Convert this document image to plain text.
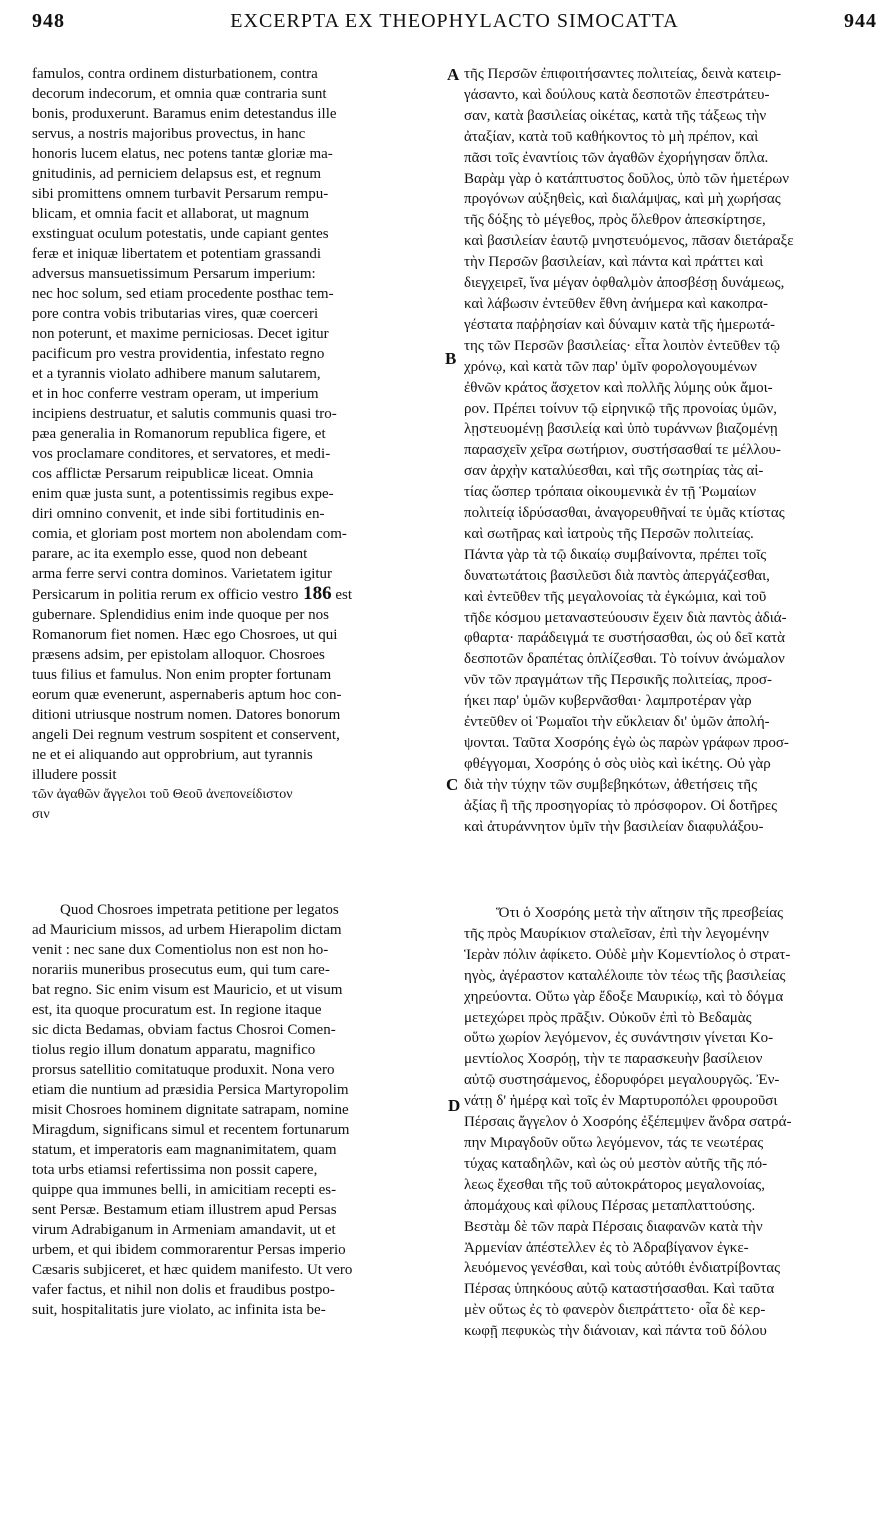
948	EXCERPTA EX THEOPHYLACTO SIMOCATTA	944
A
B
C
D
famulos, contra ordinem disturbationem, contra
decorum indecorum, et omnia quæ contraria sunt
bonis, produxerunt. Baramus enim detestandus ille
servus, a nostris majoribus provectus, in hanc
honoris lucem elatus, nec potens tantæ gloriæ ma-
gnitudinis, ad perniciem delapsus est, et regnum
sibi promittens omnem turbavit Persarum rempu-
blicam, et omnia facit et allaborat, ut magnum
exstinguat oculum potestatis, unde capiant gentes
feræ et iniquæ libertatem et potentiam grassandi
adversus mansuetissimum Persarum imperium:
nec hoc solum, sed etiam procedente posthac tem-
pore contra vobis tributarias vires, quæ coerceri
non poterunt, et maxime perniciosas. Decet igitur
pacificum pro vestra providentia, infestato regno
et a tyrannis violato adhibere manum salutarem,
et in hoc conferre vestram operam, ut imperium
incipiens destruatur, et salutis communis quasi tro-
pæa generalia in Romanorum republica figere, et
vos proclamare conditores, et servatores, et medi-
cos afflictæ Persarum reipublicæ liceat. Omnia
enim quæ justa sunt, a potentissimis regibus expe-
diri omnino convenit, et inde sibi fortitudinis en-
comia, et gloriam post mortem non abolendam com-
parare, ac ita exemplo esse, quod non debeant
arma ferre servi contra dominos. Varietatem igitur
Persicarum in politia rerum ex officio vestro 186 est
gubernare. Splendidius enim inde quoque per nos
Romanorum fiet nomen. Hæc ego Chosroes, ut qui
præsens adsim, per epistolam alloquor. Chosroes
tuus filius et famulus. Non enim propter fortunam
eorum quæ evenerunt, aspernaberis aptum hoc con-
ditioni utriusque nostrum nomen. Datores bonorum
angeli Dei regnum vestrum sospitent et conservent,
ne et ei aliquando aut opprobrium, aut tyrannis
illudere possit
τῶν ἀγαθῶν ἄγγελοι τοῦ Θεοῦ ἀνεπονείδιστον
σιν
Quod Chosroes impetrata petitione per legatos
ad Mauricium missos, ad urbem Hierapolim dictam
venit : nec sane dux Comentiolus non est non ho-
norariis muneribus prosecutus eum, qui tum care-
bat regno. Sic enim visum est Mauricio, et ut visum
est, ita quoque procuratum est. In regione itaque
sic dicta Bedamas, obviam factus Chosroi Comen-
tiolus regio illum donatum apparatu, magnifico
prorsus satellitio comitatuque produxit. Nona vero
etiam die nuntium ad præsidia Persica Martyropolim
misit Chosroes hominem dignitate satrapam, nomine
Miragdum, significans simul et recentem fortunarum
statum, et imperatoris eam magnanimitatem, quam
tota urbs etiamsi refertissima non possit capere,
quippe qua immunes belli, in amicitiam recepti es-
sent Persæ. Bestamum etiam illustrem apud Persas
virum Adrabiganum in Armeniam amandavit, ut et
urbem, et qui ibidem commorarentur Persas imperio
Cæsaris subjiceret, et hæc quidem manifesto. Ut vero
vafer factus, et nihil non dolis et fraudibus postpo-
suit, hospitalitatis jure violato, ac infinita ista be-
τῆς Περσῶν ἐπιφοιτήσαντες πολιτείας, δεινὰ κατειρ-
γάσαντο, καὶ δούλους κατὰ δεσποτῶν ἐπεστράτευ-
σαν, κατὰ βασιλείας οἰκέτας, κατὰ τῆς τάξεως τὴν
ἀταξίαν, κατὰ τοῦ καθήκοντος τὸ μὴ πρέπον, καὶ
πᾶσι τοῖς ἐναντίοις τῶν ἀγαθῶν ἐχορήγησαν ὅπλα.
Βαρὰμ γὰρ ὁ κατάπτυστος δοῦλος, ὑπὸ τῶν ἡμετέρων
προγόνων αὐξηθεὶς, καὶ διαλάμψας, καὶ μὴ χωρήσας
τῆς δόξης τὸ μέγεθος, πρὸς ὄλεθρον ἀπεσκίρτησε,
καὶ βασιλείαν ἑαυτῷ μνηστευόμενος, πᾶσαν διετάραξε
τὴν Περσῶν βασιλείαν, καὶ πάντα καὶ πράττει καὶ
διεγχειρεῖ, ἵνα μέγαν ὀφθαλμὸν ἀποσβέσῃ δυνάμεως,
καὶ λάβωσιν ἐντεῦθεν ἔθνη ἀνήμερα καὶ κακοπρα-
γέστατα παῤῥησίαν καὶ δύναμιν κατὰ τῆς ἡμερωτά-
της τῶν Περσῶν βασιλείας· εἶτα λοιπὸν ἐντεῦθεν τῷ
χρόνῳ, καὶ κατὰ τῶν παρ' ὑμῖν φορολογουμένων
ἐθνῶν κράτος ἄσχετον καὶ πολλῆς λύμης οὐκ ἄμοι-
ρον. Πρέπει τοίνυν τῷ εἰρηνικῷ τῆς προνοίας ὑμῶν,
λῃστευομένῃ βασιλείᾳ καὶ ὑπὸ τυράννων βιαζομένῃ
παρασχεῖν χεῖρα σωτήριον, συστήσασθαί τε μέλλου-
σαν ἀρχὴν καταλύεσθαι, καὶ τῆς σωτηρίας τὰς αἰ-
τίας ὥσπερ τρόπαια οἰκουμενικὰ ἐν τῇ Ῥωμαίων
πολιτείᾳ ἱδρύσασθαι, ἀναγορευθῆναί τε ὑμᾶς κτίστας
καὶ σωτῆρας καὶ ἰατροὺς τῆς Περσῶν πολιτείας.
Πάντα γὰρ τὰ τῷ δικαίῳ συμβαίνοντα, πρέπει τοῖς
δυνατωτάτοις βασιλεῦσι διὰ παντὸς ἀπεργάζεσθαι,
καὶ ἐντεῦθεν τῆς μεγαλονοίας τὰ ἐγκώμια, καὶ τοῦ
τῆδε κόσμου μεταναστεύουσιν ἔχειν διὰ παντὸς ἀδιά-
φθαρτα· παράδειγμά τε συστήσασθαι, ὡς οὐ δεῖ κατὰ
δεσποτῶν δραπέτας ὁπλίζεσθαι. Τὸ τοίνυν ἀνώμαλον
νῦν τῶν πραγμάτων τῆς Περσικῆς πολιτείας, προσ-
ήκει παρ' ὑμῶν κυβερνᾶσθαι· λαμπροτέραν γὰρ
ἐντεῦθεν οἱ Ῥωμαῖοι τὴν εὔκλειαν δι' ὑμῶν ἀπολή-
ψονται. Ταῦτα Χοσρόης ἐγὼ ὡς παρὼν γράφων προσ-
φθέγγομαι, Χοσρόης ὁ σὸς υἱὸς καὶ ἱκέτης. Οὐ γὰρ
διὰ τὴν τύχην τῶν συμβεβηκότων, ἀθετήσεις τῆς
ἀξίας ἢ τῆς προσηγορίας τὸ πρόσφορον. Οἱ δοτῆρες
καὶ ἀτυράννητον ὑμῖν τὴν βασιλείαν διαφυλάξου-
Ὅτι ὁ Χοσρόης μετὰ τὴν αἴτησιν τῆς πρεσβείας
τῆς πρὸς Μαυρίκιον σταλεῖσαν, ἐπὶ τὴν λεγομένην
Ἱερὰν πόλιν ἀφίκετο. Οὐδὲ μὴν Κομεντίολος ὁ στρατ-
ηγὸς, ἀγέραστον καταλέλοιπε τὸν τέως τῆς βασιλείας
χηρεύοντα. Οὕτω γὰρ ἔδοξε Μαυρικίῳ, καὶ τὸ δόγμα
μετεχώρει πρὸς πρᾶξιν. Οὐκοῦν ἐπὶ τὸ Βεδαμὰς
οὕτω χωρίον λεγόμενον, ἐς συνάντησιν γίνεται Κο-
μεντίολος Χοσρόῃ, τὴν τε παρασκευὴν βασίλειον
αὐτῷ συστησάμενος, ἐδορυφόρει μεγαλουργῶς. Ἐν-
νάτῃ δ' ἡμέρᾳ καὶ τοῖς ἐν Μαρτυροπόλει φρουροῦσι
Πέρσαις ἄγγελον ὁ Χοσρόης ἐξέπεμψεν ἄνδρα σατρά-
πην Μιραγδοῦν οὕτω λεγόμενον, τάς τε νεωτέρας
τύχας καταδηλῶν, καὶ ὡς οὐ μεστὸν αὐτῆς τῆς πό-
λεως ἔχεσθαι τῆς τοῦ αὐτοκράτορος μεγαλονοίας,
ἀπομάχους καὶ φίλους Πέρσας μεταπλαττούσης.
Βεστὰμ δὲ τῶν παρὰ Πέρσαις διαφανῶν κατὰ τὴν
Ἀρμενίαν ἀπέστελλεν ἐς τὸ Ἀδραβίγανον ἐγκε-
λευόμενος γενέσθαι, καὶ τοὺς αὐτόθι ἐνδιατρίβοντας
Πέρσας ὑπηκόους αὐτῷ καταστήσασθαι. Καὶ ταῦτα
μὲν οὕτως ἐς τὸ φανερὸν διεπράττετο· οἷα δὲ κερ-
κωφῇ πεφυκὼς τὴν διάνοιαν, καὶ πάντα τοῦ δόλου
